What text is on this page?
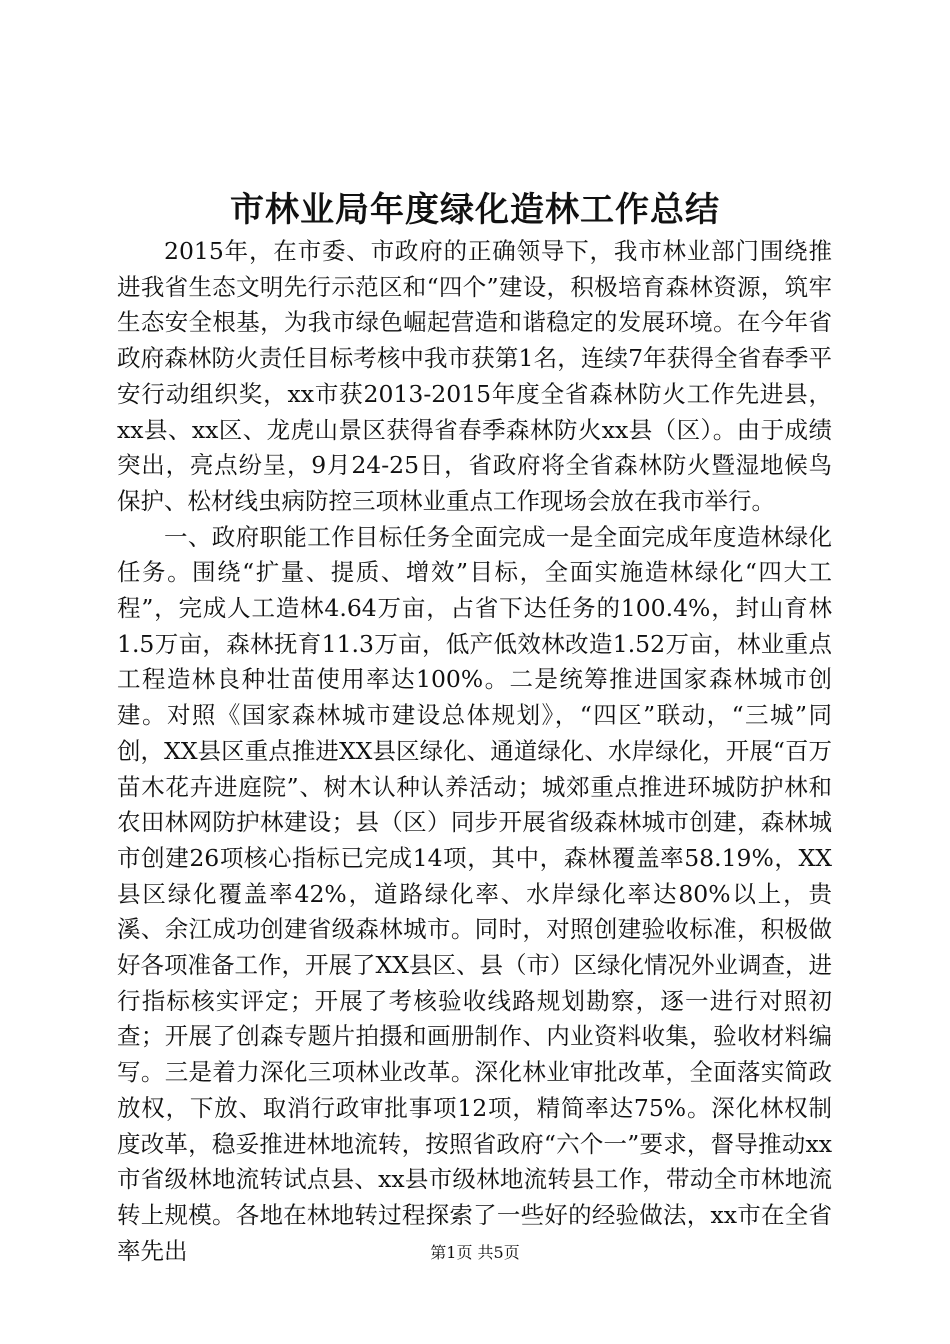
市林业局年度绿化造林工作总结

2015年，在市委、市政府的正确领导下，我市林业部门围绕推进我省生态文明先行示范区和“四个”建设，积极培育森林资源，筑牢生态安全根基，为我市绿色崛起营造和谐稳定的发展环境。在今年省政府森林防火责任目标考核中我市获第1名，连续7年获得全省春季平安行动组织奖，xx市获2013-2015年度全省森林防火工作先进县，xx县、xx区、龙虎山景区获得省春季森林防火xx县（区）。由于成绩突出，亮点纷呈，9月24-25日，省政府将全省森林防火暨湿地候鸟保护、松材线虫病防控三项林业重点工作现场会放在我市举行。

一、政府职能工作目标任务全面完成一是全面完成年度造林绿化任务。围绕“扩量、提质、增效”目标，全面实施造林绿化“四大工程”，完成人工造林4.64万亩，占省下达任务的100.4%，封山育林1.5万亩，森林抚育11.3万亩，低产低效林改造1.52万亩，林业重点工程造林良种壮苗使用率达100%。二是统筹推进国家森林城市创建。对照《国家森林城市建设总体规划》，“四区”联动，“三城”同创，XX县区重点推进XX县区绿化、通道绿化、水岸绿化，开展“百万苗木花卉进庭院”、树木认种认养活动；城郊重点推进环城防护林和农田林网防护林建设；县（区）同步开展省级森林城市创建，森林城市创建26项核心指标已完成14项，其中，森林覆盖率58.19%，XX县区绿化覆盖率42%，道路绿化率、水岸绿化率达80%以上，贵溪、余江成功创建省级森林城市。同时，对照创建验收标准，积极做好各项准备工作，开展了XX县区、县（市）区绿化情况外业调查，进行指标核实评定；开展了考核验收线路规划勘察，逐一进行对照初查；开展了创森专题片拍摄和画册制作、内业资料收集，验收材料编写。三是着力深化三项林业改革。深化林业审批改革，全面落实简政放权，下放、取消行政审批事项12项，精简率达75%。深化林权制度改革，稳妥推进林地流转，按照省政府“六个一”要求，督导推动xx市省级林地流转试点县、xx县市级林地流转县工作，带动全市林地流转上规模。各地在林地转过程探索了一些好的经验做法，xx市在全省率先出	第1页 共5页
